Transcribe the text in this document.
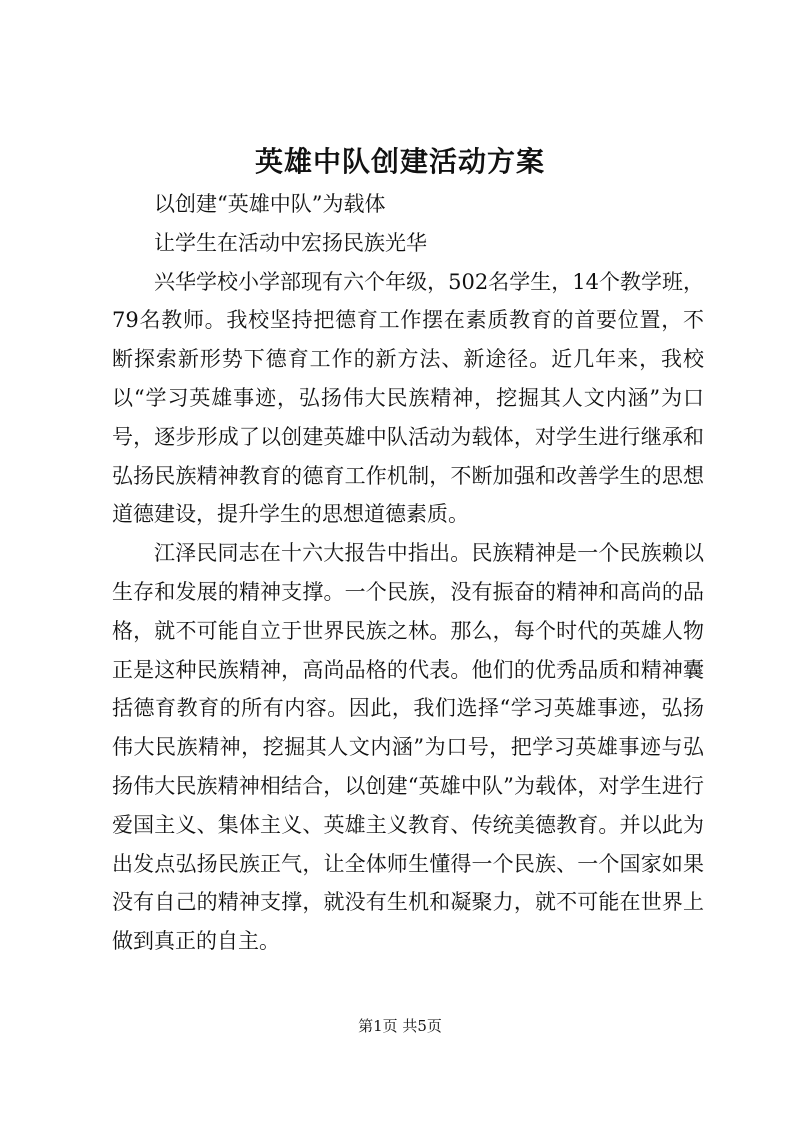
英雄中队创建活动方案

以创建“英雄中队”为载体

让学生在活动中宏扬民族光华

兴华学校小学部现有六个年级，502名学生，14个教学班，79名教师。我校坚持把德育工作摆在素质教育的首要位置，不断探索新形势下德育工作的新方法、新途径。近几年来，我校以“学习英雄事迹，弘扬伟大民族精神，挖掘其人文内涵”为口号，逐步形成了以创建英雄中队活动为载体，对学生进行继承和弘扬民族精神教育的德育工作机制，不断加强和改善学生的思想道德建设，提升学生的思想道德素质。

江泽民同志在十六大报告中指出。民族精神是一个民族赖以生存和发展的精神支撑。一个民族，没有振奋的精神和高尚的品格，就不可能自立于世界民族之林。那么，每个时代的英雄人物正是这种民族精神，高尚品格的代表。他们的优秀品质和精神囊括德育教育的所有内容。因此，我们选择“学习英雄事迹，弘扬伟大民族精神，挖掘其人文内涵”为口号，把学习英雄事迹与弘扬伟大民族精神相结合，以创建“英雄中队”为载体，对学生进行爱国主义、集体主义、英雄主义教育、传统美德教育。并以此为出发点弘扬民族正气，让全体师生懂得一个民族、一个国家如果没有自己的精神支撑，就没有生机和凝聚力，就不可能在世界上做到真正的自主。

第1页 共5页
